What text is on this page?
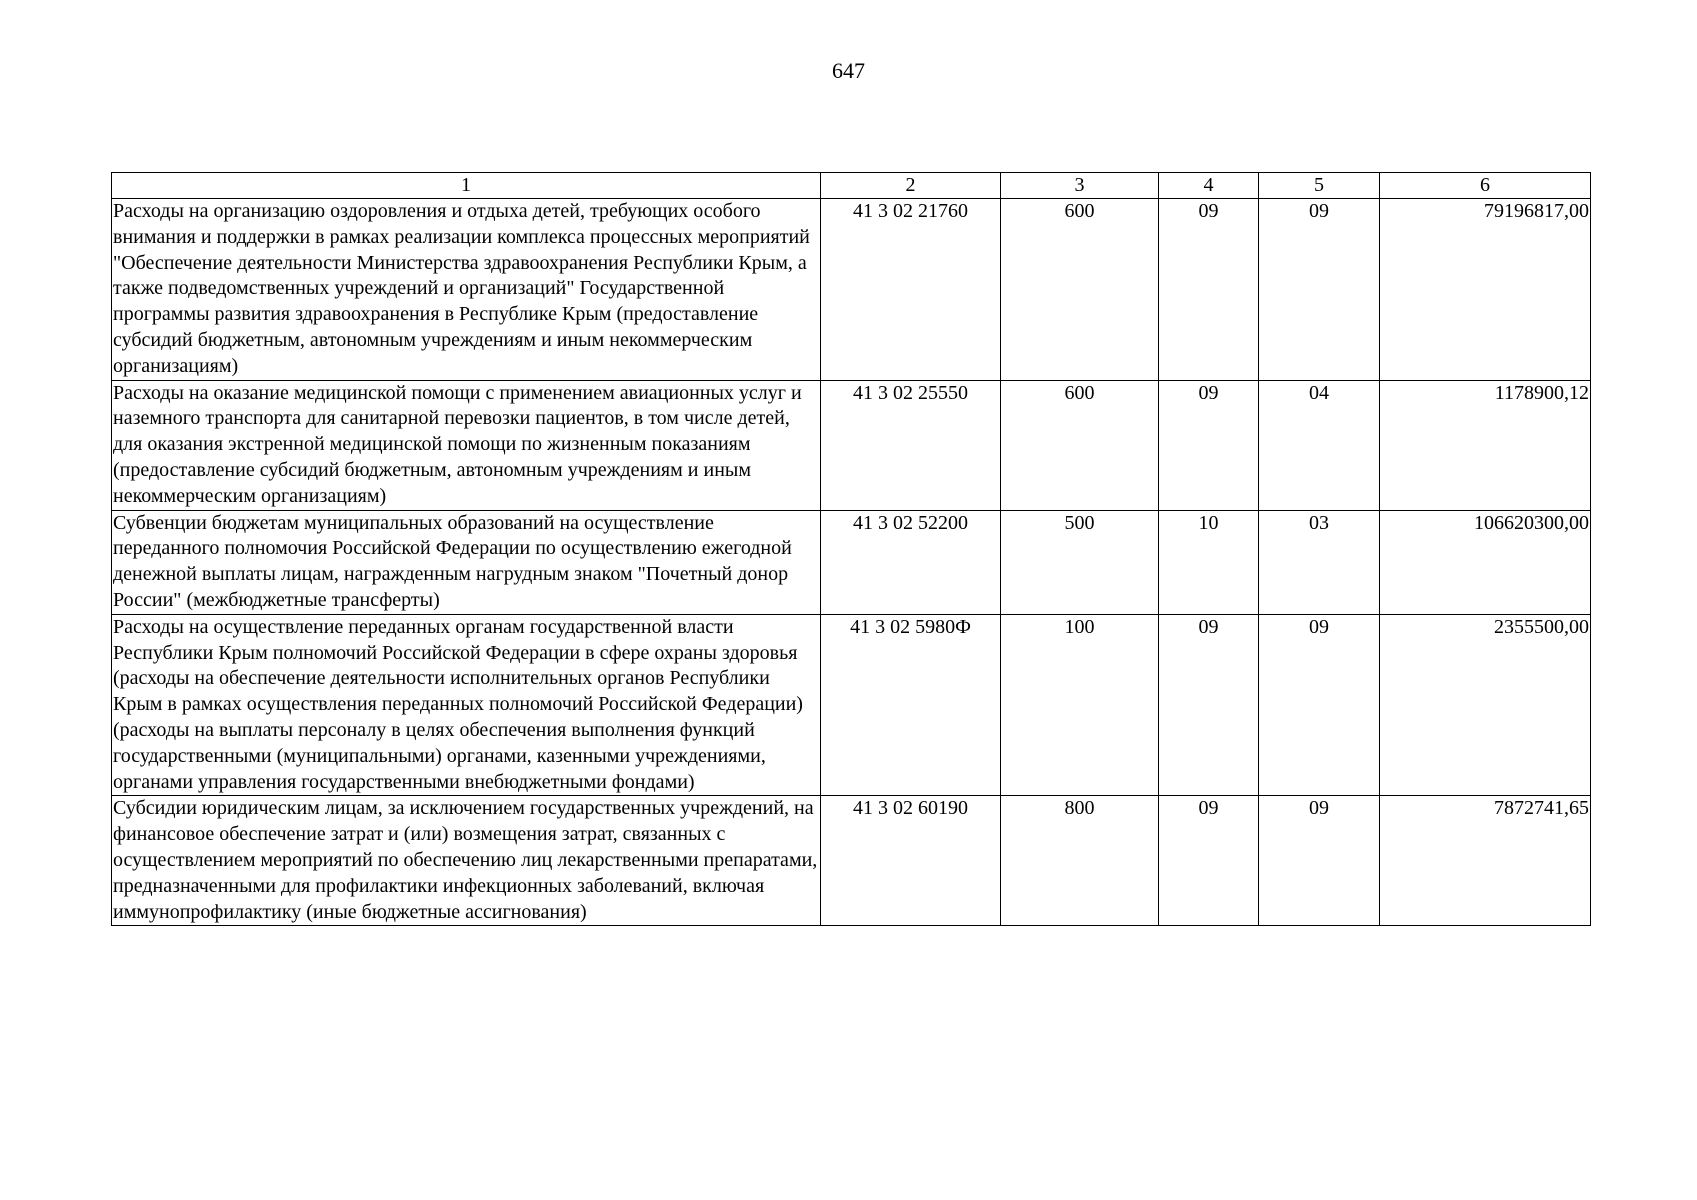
647
1	2	3	4	5	6
Расходы на организацию оздоровления и отдыха детей, требующих особого внимания и поддержки в рамках реализации комплекса процессных мероприятий "Обеспечение деятельности Министерства здравоохранения Республики Крым, а также подведомственных учреждений и организаций" Государственной программы развития здравоохранения в Республике Крым (предоставление субсидий бюджетным, автономным учреждениям и иным некоммерческим организациям)	41 3 02 21760	600	09	09	79196817,00
Расходы на оказание медицинской помощи с применением авиационных услуг и наземного транспорта для санитарной перевозки пациентов, в том числе детей, для оказания экстренной медицинской помощи по жизненным показаниям (предоставление субсидий бюджетным, автономным учреждениям и иным некоммерческим организациям)	41 3 02 25550	600	09	04	1178900,12
Субвенции бюджетам муниципальных образований на осуществление переданного полномочия Российской Федерации по осуществлению ежегодной денежной выплаты лицам, награжденным нагрудным знаком "Почетный донор России" (межбюджетные трансферты)	41 3 02 52200	500	10	03	106620300,00
Расходы на осуществление переданных органам государственной власти Республики Крым полномочий Российской Федерации в сфере охраны здоровья (расходы на обеспечение деятельности исполнительных органов Республики Крым в рамках осуществления переданных полномочий Российской Федерации) (расходы на выплаты персоналу в целях обеспечения выполнения функций государственными (муниципальными) органами, казенными учреждениями, органами управления государственными внебюджетными фондами)	41 3 02 5980Ф	100	09	09	2355500,00
Субсидии юридическим лицам, за исключением государственных учреждений, на финансовое обеспечение затрат и (или) возмещения затрат, связанных с осуществлением мероприятий по обеспечению лиц лекарственными препаратами, предназначенными для профилактики инфекционных заболеваний, включая иммунопрофилактику (иные бюджетные ассигнования)	41 3 02 60190	800	09	09	7872741,65
